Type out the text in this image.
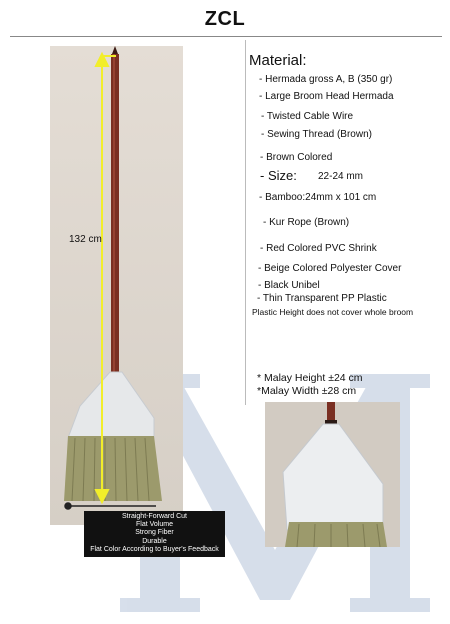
ZCL
132 cm
Straight-Forward Cut
Flat Volume
Strong Fiber
Durable
Flat Color According to Buyer's Feedback
Material:
- Hermada gross A, B (350 gr)
- Large Broom Head Hermada
- Twisted Cable Wire
- Sewing Thread (Brown)
- Brown Colored
- Size: 22-24 mm
- Bamboo:24mm x 101 cm
- Kur Rope (Brown)
- Red Colored PVC Shrink
- Beige Colored Polyester Cover
- Black Unibel
- Thin Transparent PP Plastic
Plastic Height does not cover whole broom
* Malay Height ±24 cm
*Malay Width ±28 cm
